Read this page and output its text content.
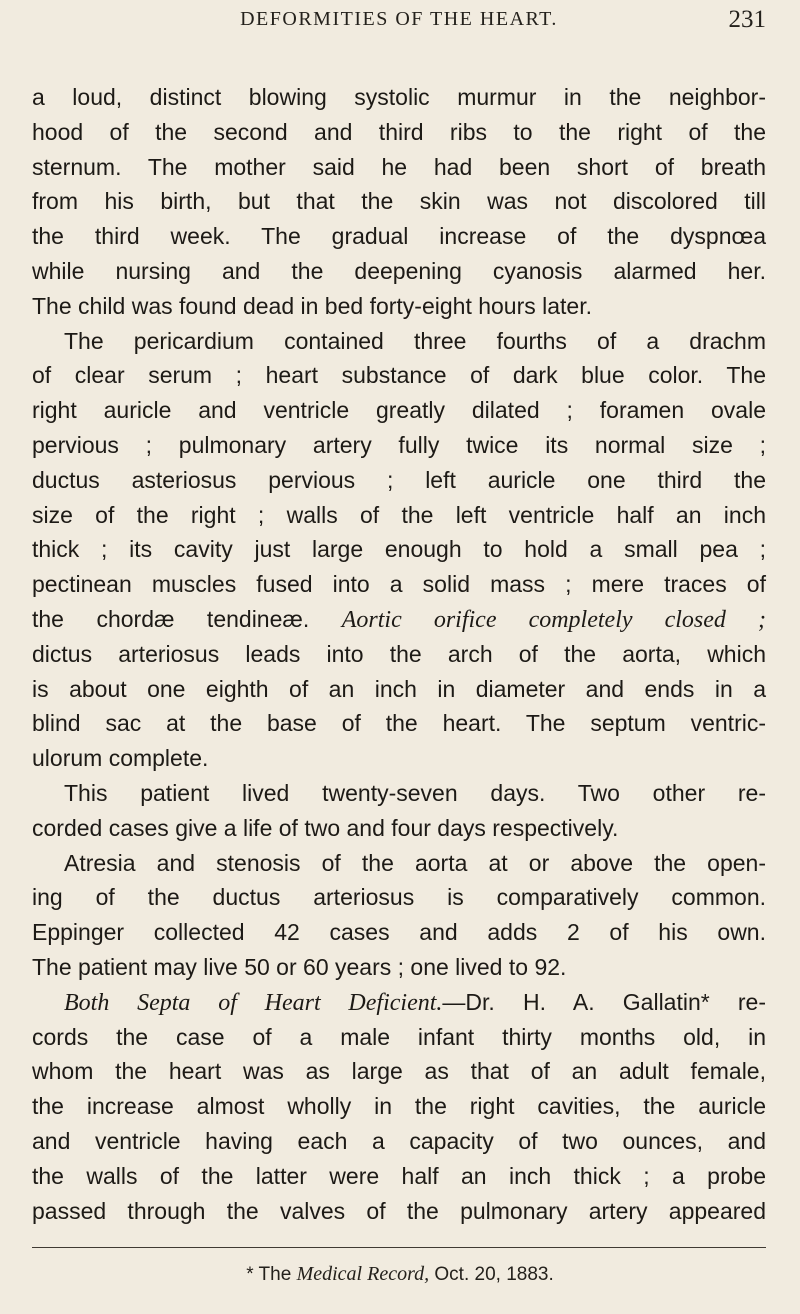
DEFORMITIES OF THE HEART.	231
a loud, distinct blowing systolic murmur in the neighbor-
hood of the second and third ribs to the right of the
sternum. The mother said he had been short of breath
from his birth, but that the skin was not discolored till
the third week. The gradual increase of the dyspnœa
while nursing and the deepening cyanosis alarmed her.
The child was found dead in bed forty-eight hours later.
The pericardium contained three fourths of a drachm
of clear serum ; heart substance of dark blue color. The
right auricle and ventricle greatly dilated ; foramen ovale
pervious ; pulmonary artery fully twice its normal size ;
ductus asteriosus pervious ; left auricle one third the
size of the right ; walls of the left ventricle half an inch
thick ; its cavity just large enough to hold a small pea ;
pectinean muscles fused into a solid mass ; mere traces of
the chordæ tendineæ. Aortic orifice completely closed ;
dictus arteriosus leads into the arch of the aorta, which
is about one eighth of an inch in diameter and ends in a
blind sac at the base of the heart. The septum ventric-
ulorum complete.
This patient lived twenty-seven days. Two other re-
corded cases give a life of two and four days respectively.
Atresia and stenosis of the aorta at or above the open-
ing of the ductus arteriosus is comparatively common.
Eppinger collected 42 cases and adds 2 of his own.
The patient may live 50 or 60 years ; one lived to 92.
Both Septa of Heart Deficient.—Dr. H. A. Gallatin* re-
cords the case of a male infant thirty months old, in
whom the heart was as large as that of an adult female,
the increase almost wholly in the right cavities, the auricle
and ventricle having each a capacity of two ounces, and
the walls of the latter were half an inch thick ; a probe
passed through the valves of the pulmonary artery appeared
* The Medical Record, Oct. 20, 1883.
